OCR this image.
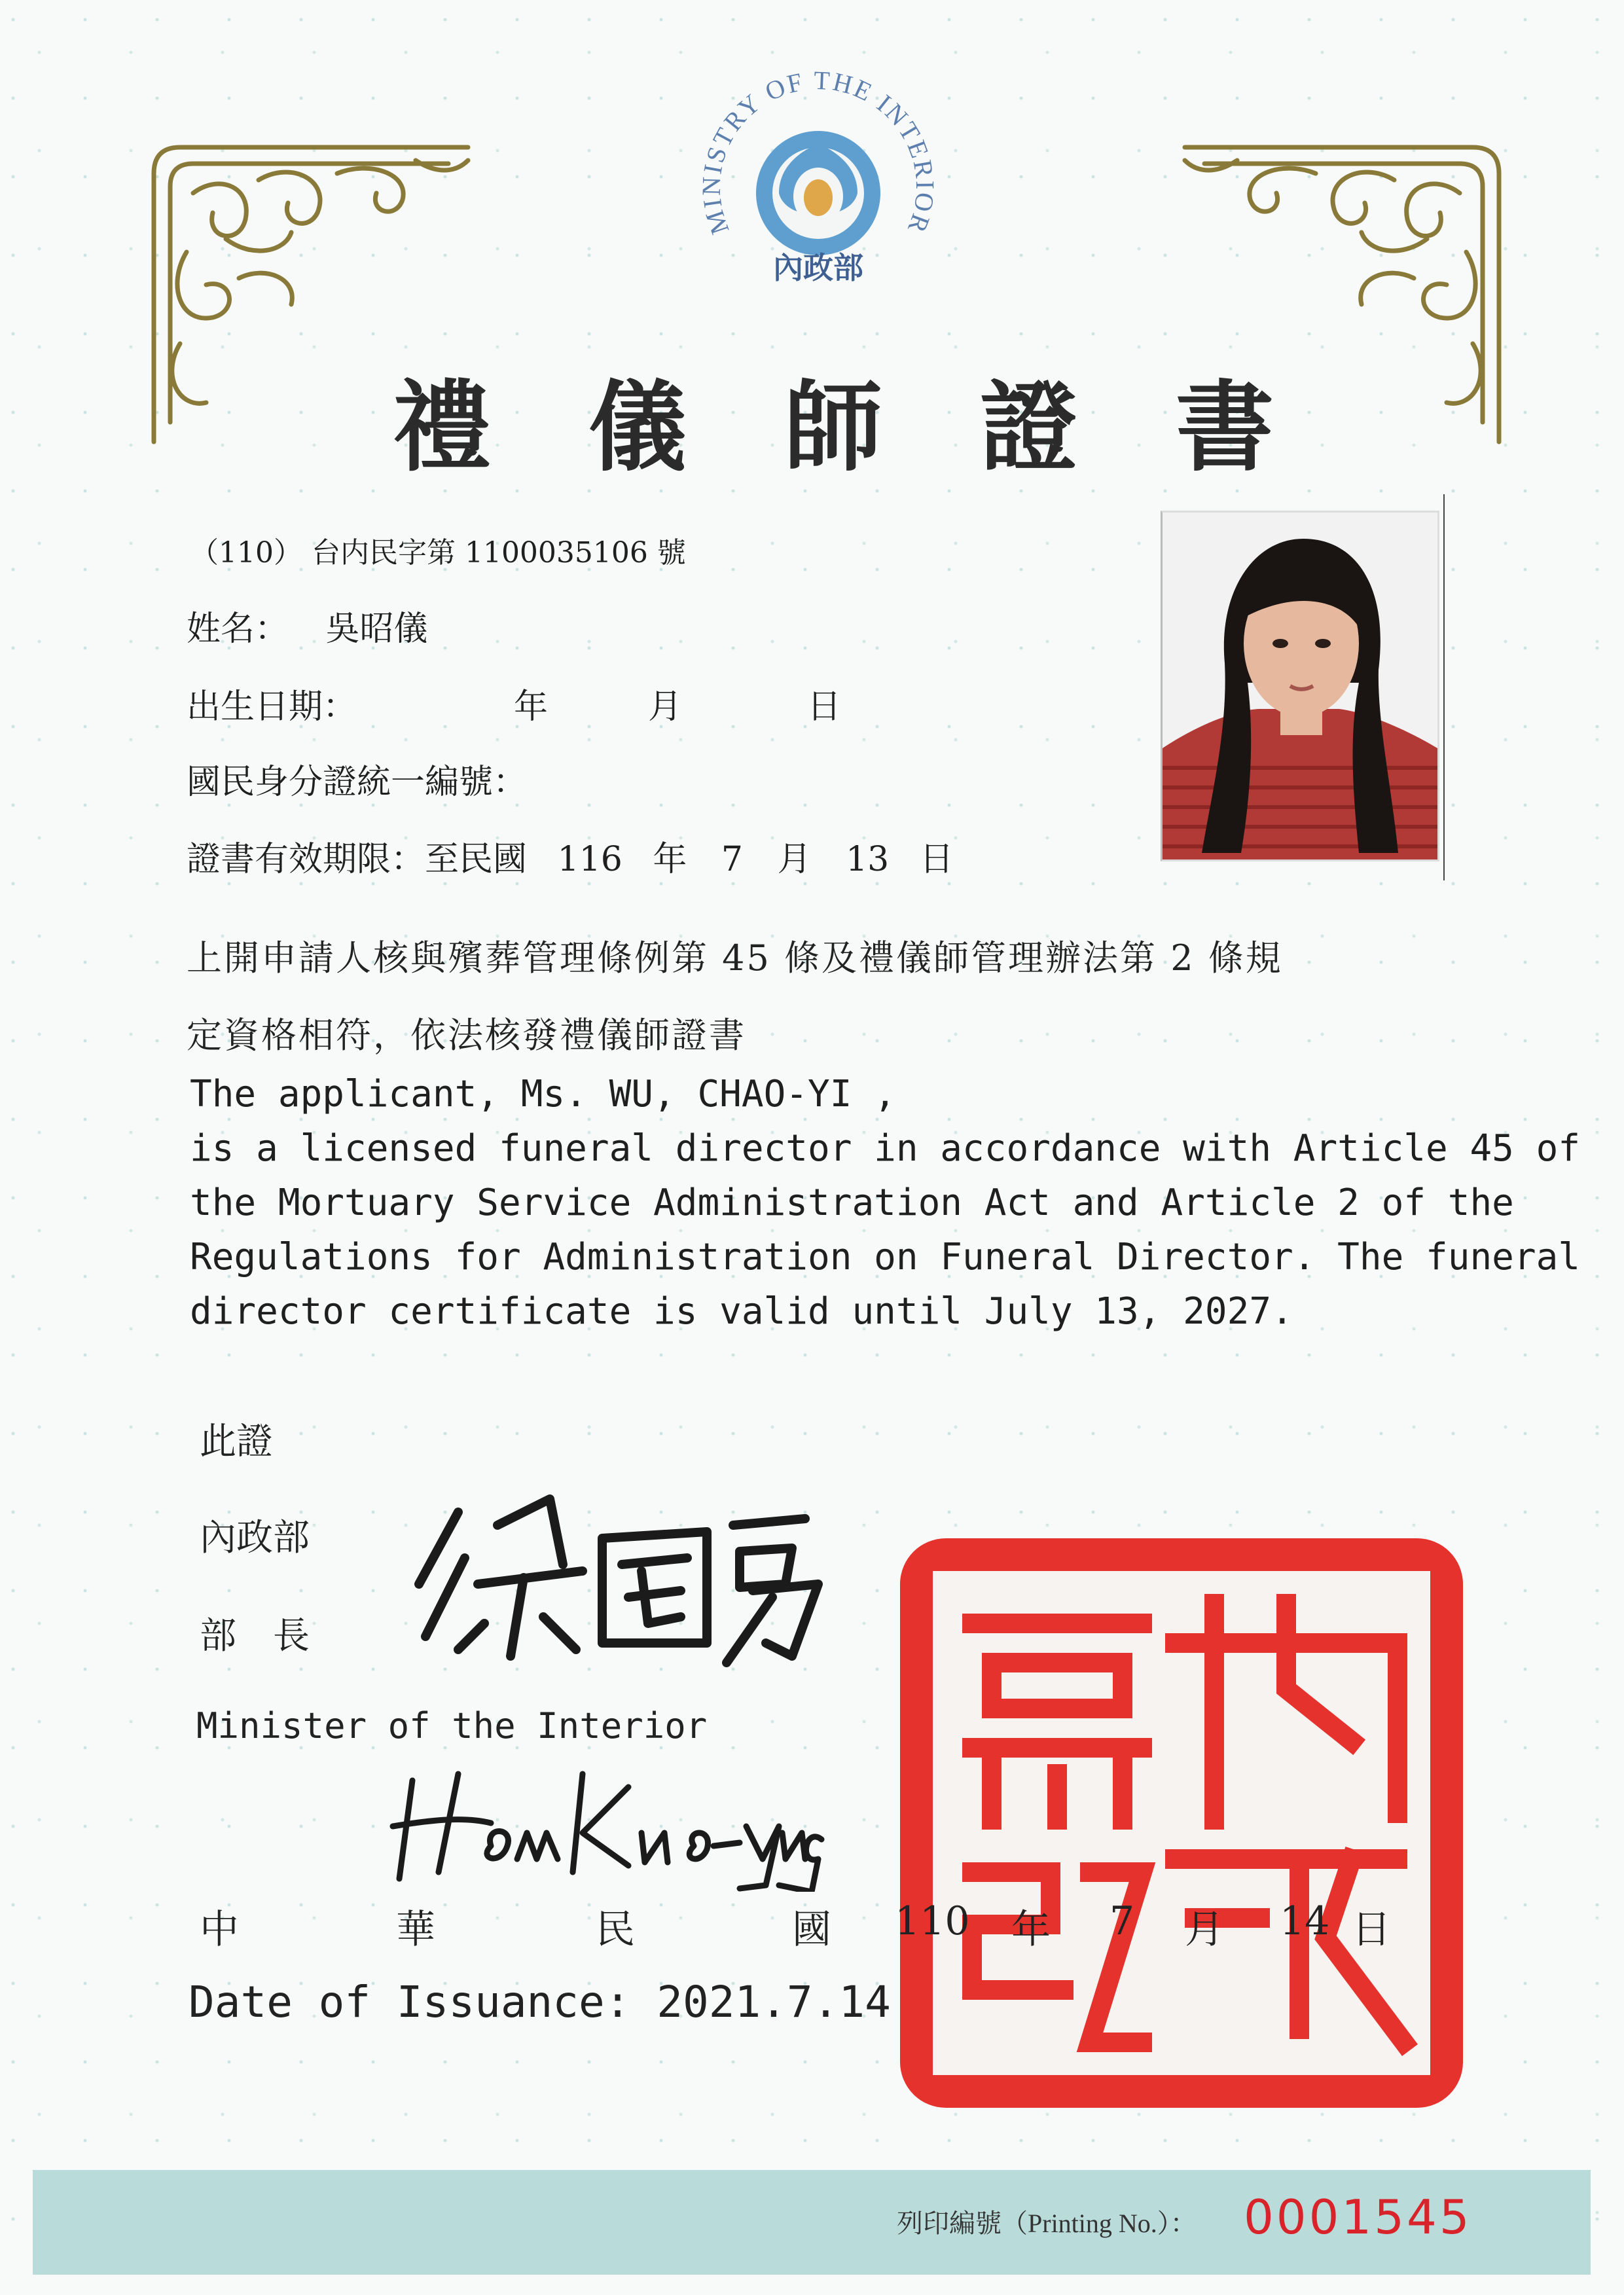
MINISTRY OF THE INTERIOR
內政部
禮 儀 師 證 書
（110） 台内民字第 1100035106 號
姓名： 吳昭儀
出生日期：	年	月	日
國民身分證統一編號：
證書有效期限：至民國 116 年 7 月 13 日
上開申請人核與殯葬管理條例第 45 條及禮儀師管理辦法第 2 條規
定資格相符，依法核發禮儀師證書
The applicant, Ms. WU, CHAO-YI ,
is a licensed funeral director in accordance with Article 45 of
the Mortuary Service Administration Act and Article 2 of the
Regulations for Administration on Funeral Director. The funeral
director certificate is valid until July 13, 2027.
此證
內政部
部　長
Minister of the Interior
中	華	民	國 110 年 7 月 14 日
Date of Issuance: 2021.7.14
列印編號（Printing No.）： 0001545
